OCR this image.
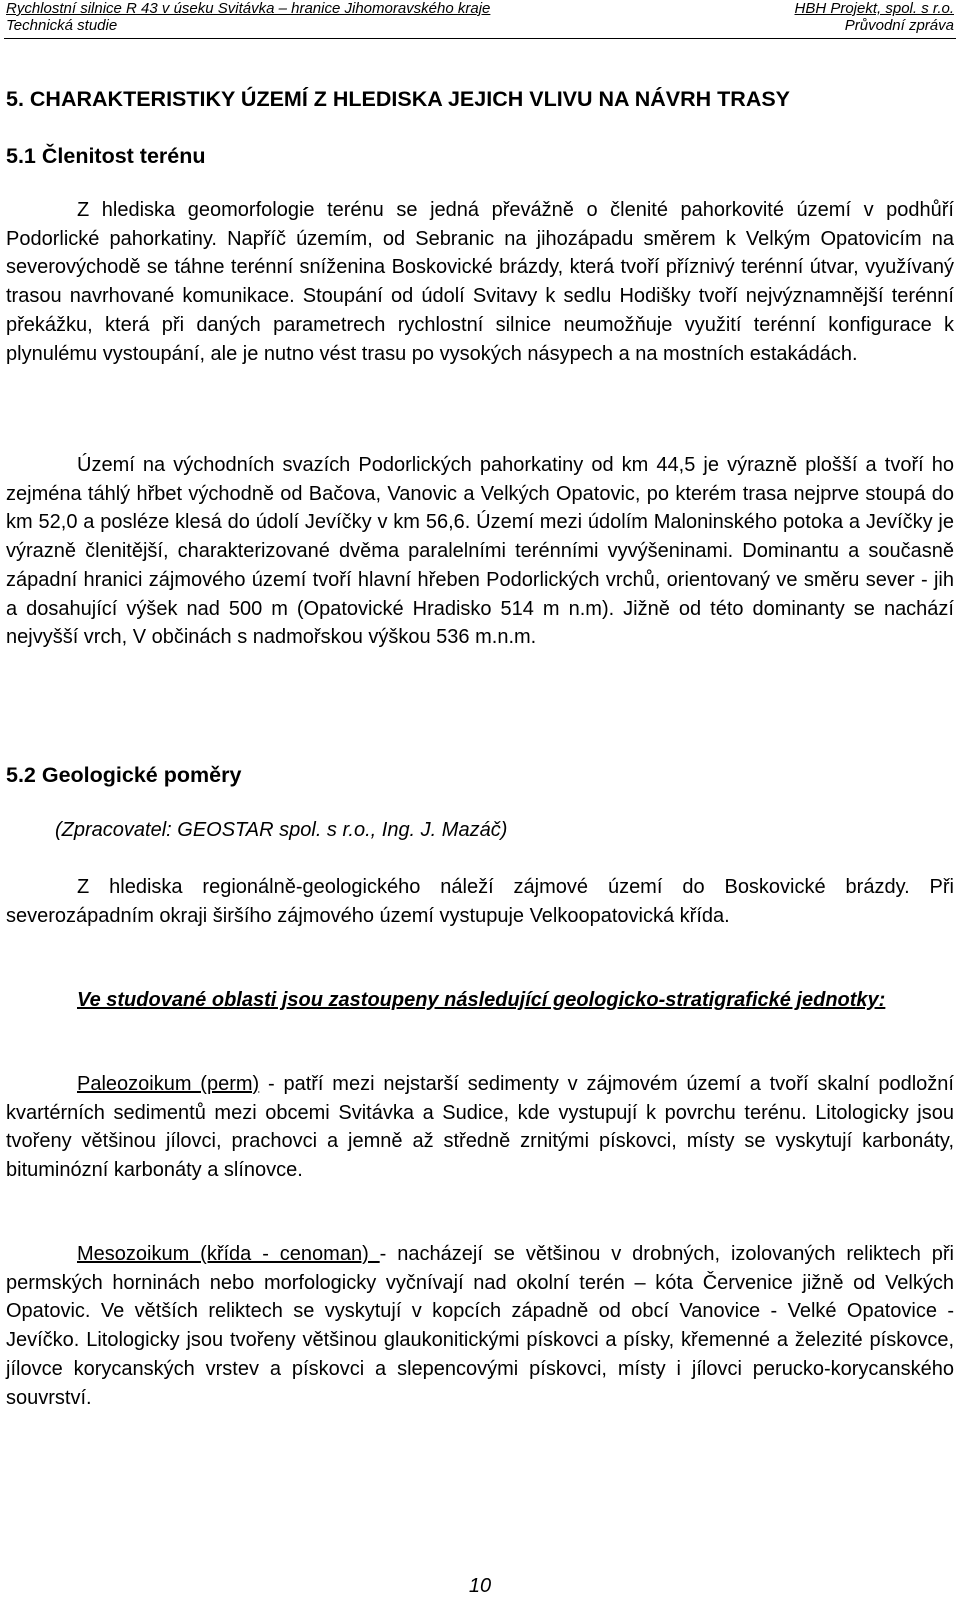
Rychlostní silnice R 43 v úseku Svitávka – hranice Jihomoravského kraje	HBH Projekt, spol. s r.o.
Technická studie	Průvodní zpráva
5. CHARAKTERISTIKY ÚZEMÍ Z HLEDISKA JEJICH VLIVU NA NÁVRH TRASY
5.1 Členitost terénu
Z hlediska geomorfologie terénu se jedná převážně o členité pahorkovité území v podhůří Podorlické pahorkatiny. Napříč územím, od Sebranic na jihozápadu směrem k Velkým Opatovicím na severovýchodě se táhne terénní sníženina Boskovické brázdy, která tvoří příznivý terénní útvar, využívaný trasou navrhované komunikace. Stoupání od údolí Svitavy k sedlu Hodišky tvoří nejvýznamnější terénní překážku, která při daných parametrech rychlostní silnice neumožňuje využití terénní konfigurace k plynulému vystoupání, ale je nutno vést trasu po vysokých násypech a na mostních estakádách.
Území na východních svazích Podorlických pahorkatiny od km 44,5 je výrazně plošší a tvoří ho zejména táhlý hřbet východně od Bačova, Vanovic a Velkých Opatovic, po kterém trasa nejprve stoupá do km 52,0 a posléze klesá do údolí Jevíčky v km 56,6. Území mezi údolím Maloninského potoka a Jevíčky je výrazně členitější, charakterizované dvěma paralelními terénními vyvýšeninami. Dominantu a současně západní hranici zájmového území tvoří hlavní hřeben Podorlických vrchů, orientovaný ve směru sever - jih a dosahující výšek nad 500 m (Opatovické Hradisko 514 m n.m). Jižně od této dominanty se nachází nejvyšší vrch, V občinách s nadmořskou výškou 536 m.n.m.
5.2 Geologické poměry
(Zpracovatel: GEOSTAR spol. s r.o., Ing. J. Mazáč)
Z hlediska regionálně-geologického náleží zájmové území do Boskovické brázdy. Při severozápadním okraji širšího zájmového území vystupuje Velkoopatovická křída.
Ve studované oblasti jsou zastoupeny následující geologicko-stratigrafické jednotky:
Paleozoikum (perm) - patří mezi nejstarší sedimenty v zájmovém území a tvoří skalní podložní kvartérních sedimentů mezi obcemi Svitávka a Sudice, kde vystupují k povrchu terénu. Litologicky jsou tvořeny většinou jílovci, prachovci a jemně až středně zrnitými pískovci, místy se vyskytují karbonáty, bituminózní karbonáty a slínovce.
Mesozoikum (křída - cenoman) - nacházejí se většinou v drobných, izolovaných reliktech při permských horninách nebo morfologicky vyčnívají nad okolní terén – kóta Červenice jižně od Velkých Opatovic. Ve větších reliktech se vyskytují v kopcích západně od obcí Vanovice - Velké Opatovice - Jevíčko. Litologicky jsou tvořeny většinou glaukonitickými pískovci a písky, křemenné a železité pískovce, jílovce korycanských vrstev a pískovci a slepencovými pískovci, místy i jílovci perucko-korycanského souvrství.
10
